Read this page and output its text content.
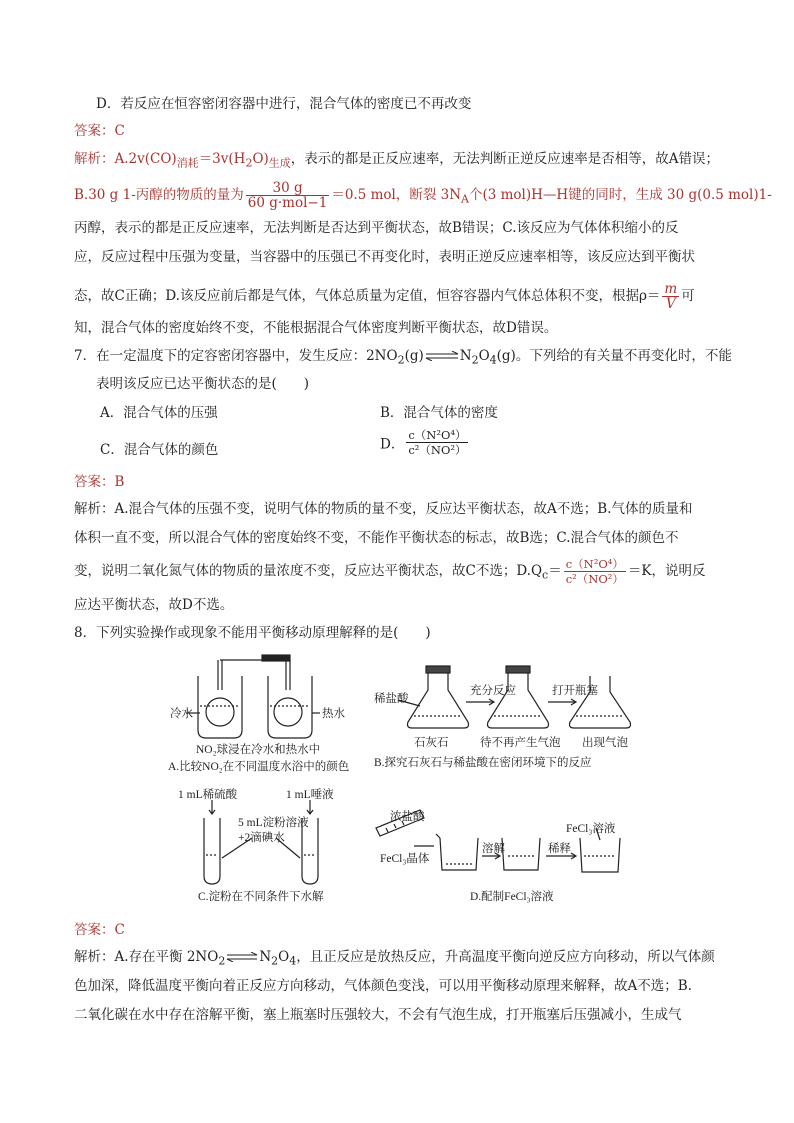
D．若反应在恒容密闭容器中进行，混合气体的密度已不再改变
答案：C
解析：$A.2v(CO)_{消耗}=3v(H_2O)_{生成}$，表示的都是正反应速率，无法判断正逆反应速率是否相等，故A错误；
B.30 g 1-丙醇的物质的量为 $\frac{30 g}{\text{60 g·mol−1}} =0.5$ mol，断裂 $3N_A$个(3 mol)H—H键的同时，生成 30 g(0.5 mol)1-
丙醇，表示的都是正反应速率，无法判断是否达到平衡状态，故B错误；C.该反应为气体体积缩小的反
应，反应过程中压强为变量，当容器中的压强已不再变化时，表明正逆反应速率相等，该反应达到平衡状
态，故C正确；D.该反应前后都是气体，气体总质量为定值，恒容容器内气体总体积不变，根据$\rho= \frac{m}{V}$ 可
知，混合气体的密度始终不变，不能根据混合气体密度判断平衡状态，故D错误。
7．在一定温度下的定容密闭容器中，发生反应：$2NO_2(g)$	$N_2O_4(g)$。下列给的有关量不再变化时，不能
表明该反应已达平衡状态的是(　　)
A．混合气体的压强	B．混合气体的密度
C．混合气体的颜色	D． $\frac{\text{c（N²O⁴）}}{\text{c²（NO²）}}$
答案：B
解析：A.混合气体的压强不变，说明气体的物质的量不变，反应达平衡状态，故A不选；B.气体的质量和
体积一直不变，所以混合气体的密度始终不变，不能作平衡状态的标志，故B选；C.混合气体的颜色不
变，说明二氧化氮气体的物质的量浓度不变，反应达平衡状态，故C不选；$D.Q_c= \frac{\text{c（N²O⁴）}}{\text{c²（NO²）}} =K$，说明反
应达平衡状态，故D不选。
8．下列实验操作或现象不能用平衡移动原理解释的是(　　)
冷水	热水
NO₂球浸在冷水和热水中
A.比较NO₂在不同温度水浴中的颜色
稀盐酸
充分反应	打开瓶塞
石灰石	待不再产生气泡 出现气泡
B.探究石灰石与稀盐酸在密闭环境下的反应
1 mL稀硫酸	1 mL唾液
5 mL淀粉溶液
+2滴碘水
C.淀粉在不同条件下水解
浓盐酸
FeCl₃晶体
溶解	稀释
FeCl₃溶液
D.配制FeCl₃溶液
答案：C
解析：A.存在平衡 $2NO_2$	$N_2O_4$，且正反应是放热反应，升高温度平衡向逆反应方向移动，所以气体颜
色加深，降低温度平衡向着正反应方向移动，气体颜色变浅，可以用平衡移动原理来解释，故A不选；B.
二氧化碳在水中存在溶解平衡，塞上瓶塞时压强较大，不会有气泡生成，打开瓶塞后压强减小，生成气
